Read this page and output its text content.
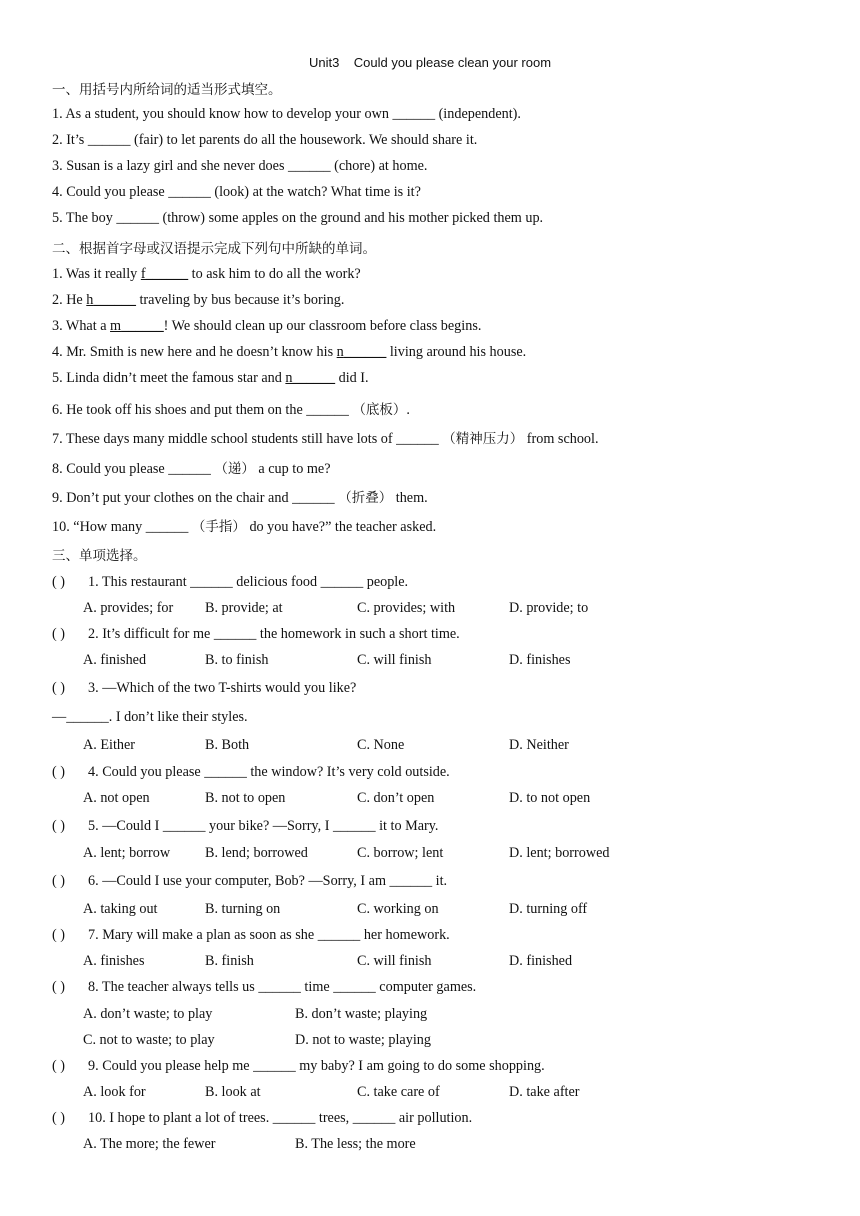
Unit3    Could you please clean your room
一、用括号内所给词的适当形式填空。
1. As a student, you should know how to develop your own ______ (independent).
2. It’s ______ (fair) to let parents do all the housework. We should share it.
3. Susan is a lazy girl and she never does ______ (chore) at home.
4. Could you please ______ (look) at the watch? What time is it?
5. The boy ______ (throw) some apples on the ground and his mother picked them up.
二、根据首字母或汉语提示完成下列句中所缺的单词。
1. Was it really f______ to ask him to do all the work?
2. He h______ traveling by bus because it’s boring.
3. What a m______! We should clean up our classroom before class begins.
4. Mr. Smith is new here and he doesn’t know his n______ living around his house.
5. Linda didn’t meet the famous star and n______ did I.
6. He took off his shoes and put them on the ______ （底板）.
7. These days many middle school students still have lots of ______ （精神压力） from school.
8. Could you please ______ （递） a cup to me?
9. Don’t put your clothes on the chair and ______ （折叠） them.
10. “How many ______ （手指） do you have?” the teacher asked.
三、单项选择。
( ) 1. This restaurant ______ delicious food ______ people.
A. provides; for B. provide; at	C. provides; with	D. provide; to
( ) 2. It’s difficult for me ______ the homework in such a short time.
A. finished	B. to finish	C. will finish	D. finishes
( ) 3. —Which of the two T-shirts would you like?
—______. I don’t like their styles.
A. Either	B. Both	C. None	D. Neither
( ) 4. Could you please ______ the window? It’s very cold outside.
A. not open	B. not to open	C. don’t open	D. to not open
( ) 5. —Could I ______ your bike? —Sorry, I ______ it to Mary.
A. lent; borrow B. lend; borrowed	C. borrow; lent	D. lent; borrowed
( ) 6. —Could I use your computer, Bob? —Sorry, I am ______ it.
A. taking out	B. turning on	C. working on	D. turning off
( ) 7. Mary will make a plan as soon as she ______ her homework.
A. finishes	B. finish	C. will finish	D. finished
( ) 8. The teacher always tells us ______ time ______ computer games.
A. don’t waste; to play	B. don’t waste; playing
C. not to waste; to play	D. not to waste; playing
( ) 9. Could you please help me ______ my baby? I am going to do some shopping.
A. look for	B. look at	C. take care of	D. take after
( ) 10. I hope to plant a lot of trees. ______ trees, ______ air pollution.
A. The more; the fewer	B. The less; the more
